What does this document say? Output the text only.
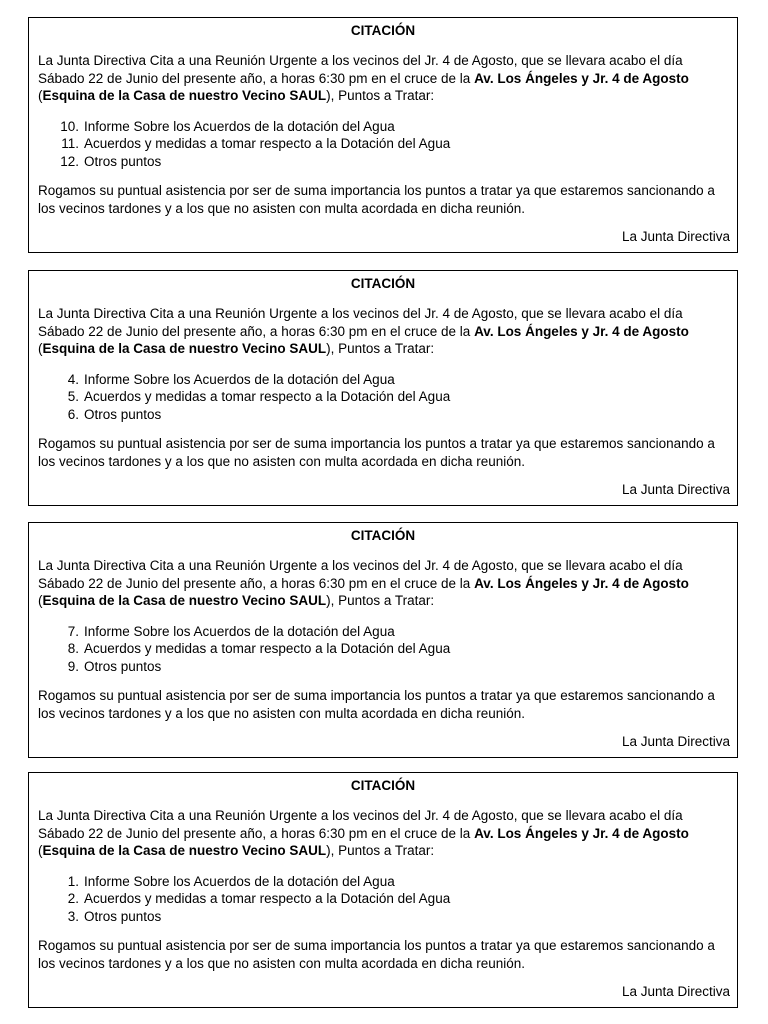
CITACIÓN

La Junta Directiva Cita a una Reunión Urgente a los vecinos del Jr. 4 de Agosto, que se llevara acabo el día Sábado 22 de Junio del presente año, a horas 6:30 pm en el cruce de la Av. Los Ángeles y Jr. 4 de Agosto (Esquina de la Casa de nuestro Vecino SAUL), Puntos a Tratar:

10. Informe Sobre los Acuerdos de la dotación del Agua
11. Acuerdos y medidas a tomar respecto a la Dotación del Agua
12. Otros puntos

Rogamos su puntual asistencia por ser de suma importancia los puntos a tratar ya que estaremos sancionando a los vecinos tardones y a los que no asisten con multa acordada en dicha reunión.

La Junta Directiva
CITACIÓN

La Junta Directiva Cita a una Reunión Urgente a los vecinos del Jr. 4 de Agosto, que se llevara acabo el día Sábado 22 de Junio del presente año, a horas 6:30 pm en el cruce de la Av. Los Ángeles y Jr. 4 de Agosto (Esquina de la Casa de nuestro Vecino SAUL), Puntos a Tratar:

4. Informe Sobre los Acuerdos de la dotación del Agua
5. Acuerdos y medidas a tomar respecto a la Dotación del Agua
6. Otros puntos

Rogamos su puntual asistencia por ser de suma importancia los puntos a tratar ya que estaremos sancionando a los vecinos tardones y a los que no asisten con multa acordada en dicha reunión.

La Junta Directiva
CITACIÓN

La Junta Directiva Cita a una Reunión Urgente a los vecinos del Jr. 4 de Agosto, que se llevara acabo el día Sábado 22 de Junio del presente año, a horas 6:30 pm en el cruce de la Av. Los Ángeles y Jr. 4 de Agosto (Esquina de la Casa de nuestro Vecino SAUL), Puntos a Tratar:

7. Informe Sobre los Acuerdos de la dotación del Agua
8. Acuerdos y medidas a tomar respecto a la Dotación del Agua
9. Otros puntos

Rogamos su puntual asistencia por ser de suma importancia los puntos a tratar ya que estaremos sancionando a los vecinos tardones y a los que no asisten con multa acordada en dicha reunión.

La Junta Directiva
CITACIÓN

La Junta Directiva Cita a una Reunión Urgente a los vecinos del Jr. 4 de Agosto, que se llevara acabo el día Sábado 22 de Junio del presente año, a horas 6:30 pm en el cruce de la Av. Los Ángeles y Jr. 4 de Agosto (Esquina de la Casa de nuestro Vecino SAUL), Puntos a Tratar:

1. Informe Sobre los Acuerdos de la dotación del Agua
2. Acuerdos y medidas a tomar respecto a la Dotación del Agua
3. Otros puntos

Rogamos su puntual asistencia por ser de suma importancia los puntos a tratar ya que estaremos sancionando a los vecinos tardones y a los que no asisten con multa acordada en dicha reunión.

La Junta Directiva
